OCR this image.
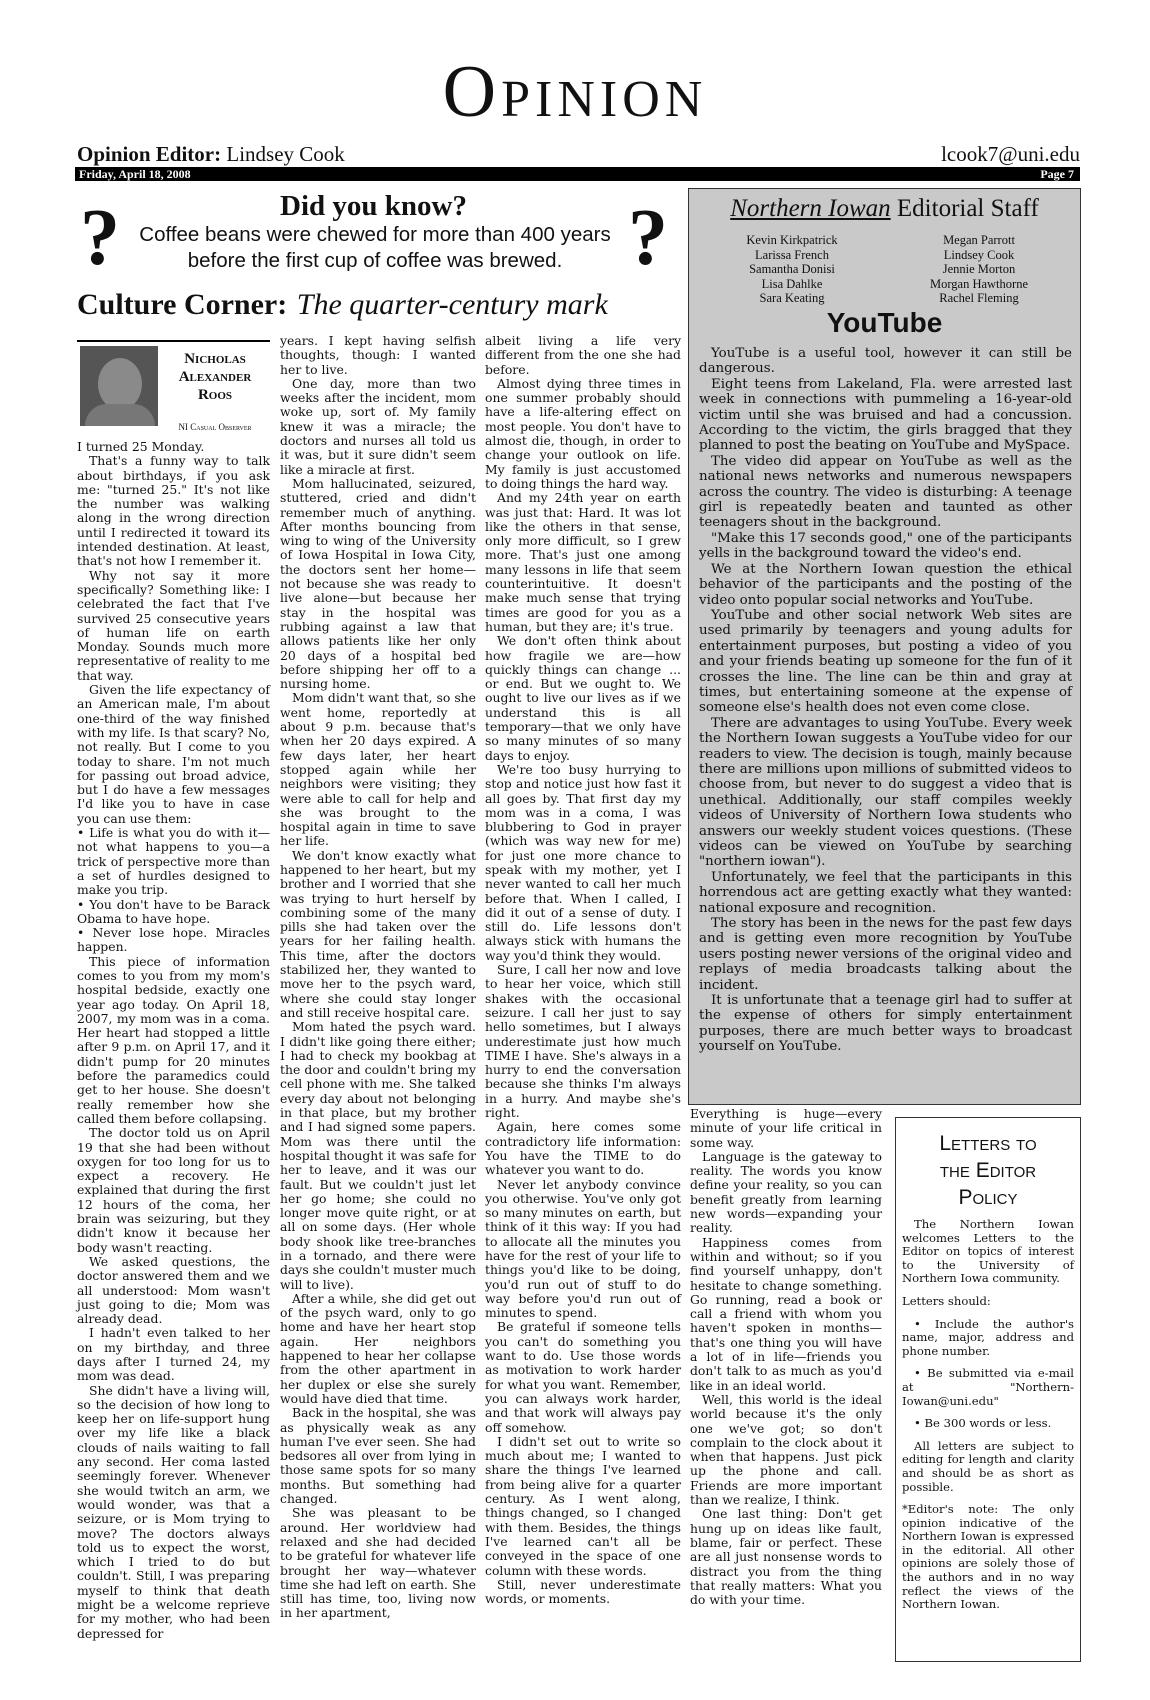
Opinion
Opinion Editor: Lindsey Cook	lcook7@uni.edu
Friday, April 18, 2008	Page 7
Did you know?
?	?
Coffee beans were chewed for more than 400 years
before the first cup of coffee was brewed.
Culture Corner: The quarter-century mark
Nicholas
Alexander
Roos
NI Casual Observer

I turned 25 Monday.

That's a funny way to talk about birthdays, if you ask me: "turned 25." It's not like the number was walking along in the wrong direction until I redirected it toward its intended destination. At least, that's not how I remember it.

Why not say it more specifically? Something like: I celebrated the fact that I've survived 25 consecutive years of human life on earth Monday. Sounds much more representative of reality to me that way.

Given the life expectancy of an American male, I'm about one-third of the way finished with my life. Is that scary? No, not really. But I come to you today to share. I'm not much for passing out broad advice, but I do have a few messages I'd like you to have in case you can use them:

• Life is what you do with it—not what happens to you—a trick of perspective more than a set of hurdles designed to make you trip.

• You don't have to be Barack Obama to have hope.

• Never lose hope. Miracles happen.

This piece of information comes to you from my mom's hospital bedside, exactly one year ago today. On April 18, 2007, my mom was in a coma. Her heart had stopped a little after 9 p.m. on April 17, and it didn't pump for 20 minutes before the paramedics could get to her house. She doesn't really remember how she called them before collapsing.

The doctor told us on April 19 that she had been without oxygen for too long for us to expect a recovery. He explained that during the first 12 hours of the coma, her brain was seizuring, but they didn't know it because her body wasn't reacting.

We asked questions, the doctor answered them and we all understood: Mom wasn't just going to die; Mom was already dead.

I hadn't even talked to her on my birthday, and three days after I turned 24, my mom was dead.

She didn't have a living will, so the decision of how long to keep her on life-support hung over my life like a black clouds of nails waiting to fall any second. Her coma lasted seemingly forever. Whenever she would twitch an arm, we would wonder, was that a seizure, or is Mom trying to move? The doctors always told us to expect the worst, which I tried to do but couldn't. Still, I was preparing myself to think that death might be a welcome reprieve for my mother, who had been depressed for

years. I kept having selfish thoughts, though: I wanted her to live.

One day, more than two weeks after the incident, mom woke up, sort of. My family knew it was a miracle; the doctors and nurses all told us it was, but it sure didn't seem like a miracle at first.

Mom hallucinated, seizured, stuttered, cried and didn't remember much of anything. After months bouncing from wing to wing of the University of Iowa Hospital in Iowa City, the doctors sent her home—not because she was ready to live alone—but because her stay in the hospital was rubbing against a law that allows patients like her only 20 days of a hospital bed before shipping her off to a nursing home.

Mom didn't want that, so she went home, reportedly at about 9 p.m. because that's when her 20 days expired. A few days later, her heart stopped again while her neighbors were visiting; they were able to call for help and she was brought to the hospital again in time to save her life.

We don't know exactly what happened to her heart, but my brother and I worried that she was trying to hurt herself by combining some of the many pills she had taken over the years for her failing health. This time, after the doctors stabilized her, they wanted to move her to the psych ward, where she could stay longer and still receive hospital care.

Mom hated the psych ward. I didn't like going there either; I had to check my bookbag at the door and couldn't bring my cell phone with me. She talked every day about not belonging in that place, but my brother and I had signed some papers. Mom was there until the hospital thought it was safe for her to leave, and it was our fault. But we couldn't just let her go home; she could no longer move quite right, or at all on some days. (Her whole body shook like tree-branches in a tornado, and there were days she couldn't muster much will to live).

After a while, she did get out of the psych ward, only to go home and have her heart stop again. Her neighbors happened to hear her collapse from the other apartment in her duplex or else she surely would have died that time.

Back in the hospital, she was as physically weak as any human I've ever seen. She had bedsores all over from lying in those same spots for so many months. But something had changed.

She was pleasant to be around. Her worldview had relaxed and she had decided to be grateful for whatever life brought her way—whatever time she had left on earth. She still has time, too, living now in her apartment,

albeit living a life very different from the one she had before.

Almost dying three times in one summer probably should have a life-altering effect on most people. You don't have to almost die, though, in order to change your outlook on life. My family is just accustomed to doing things the hard way.

And my 24th year on earth was just that: Hard. It was lot like the others in that sense, only more difficult, so I grew more. That's just one among many lessons in life that seem counterintuitive. It doesn't make much sense that trying times are good for you as a human, but they are; it's true.

We don't often think about how fragile we are—how quickly things can change ... or end. But we ought to. We ought to live our lives as if we understand this is all temporary—that we only have so many minutes of so many days to enjoy.

We're too busy hurrying to stop and notice just how fast it all goes by. That first day my mom was in a coma, I was blubbering to God in prayer (which was way new for me) for just one more chance to speak with my mother, yet I never wanted to call her much before that. When I called, I did it out of a sense of duty. I still do. Life lessons don't always stick with humans the way you'd think they would.

Sure, I call her now and love to hear her voice, which still shakes with the occasional seizure. I call her just to say hello sometimes, but I always underestimate just how much TIME I have. She's always in a hurry to end the conversation because she thinks I'm always in a hurry. And maybe she's right.

Again, here comes some contradictory life information: You have the TIME to do whatever you want to do.

Never let anybody convince you otherwise. You've only got so many minutes on earth, but think of it this way: If you had to allocate all the minutes you have for the rest of your life to things you'd like to be doing, you'd run out of stuff to do way before you'd run out of minutes to spend.

Be grateful if someone tells you can't do something you want to do. Use those words as motivation to work harder for what you want. Remember, you can always work harder, and that work will always pay off somehow.

I didn't set out to write so much about me; I wanted to share the things I've learned from being alive for a quarter century. As I went along, things changed, so I changed with them. Besides, the things I've learned can't all be conveyed in the space of one column with these words.

Still, never underestimate words, or moments.

Northern Iowan Editorial Staff
Kevin Kirkpatrick
Larissa French
Samantha Donisi
Lisa Dahlke
Sara Keating
Megan Parrott
Lindsey Cook
Jennie Morton
Morgan Hawthorne
Rachel Fleming
YouTube

YouTube is a useful tool, however it can still be dangerous.

Eight teens from Lakeland, Fla. were arrested last week in connections with pummeling a 16-year-old victim until she was bruised and had a concussion. According to the victim, the girls bragged that they planned to post the beating on YouTube and MySpace.

The video did appear on YouTube as well as the national news networks and numerous newspapers across the country. The video is disturbing: A teenage girl is repeatedly beaten and taunted as other teenagers shout in the background.

"Make this 17 seconds good," one of the participants yells in the background toward the video's end.

We at the Northern Iowan question the ethical behavior of the participants and the posting of the video onto popular social networks and YouTube.

YouTube and other social network Web sites are used primarily by teenagers and young adults for entertainment purposes, but posting a video of you and your friends beating up someone for the fun of it crosses the line. The line can be thin and gray at times, but entertaining someone at the expense of someone else's health does not even come close.

There are advantages to using YouTube. Every week the Northern Iowan suggests a YouTube video for our readers to view. The decision is tough, mainly because there are millions upon millions of submitted videos to choose from, but never to do suggest a video that is unethical. Additionally, our staff compiles weekly videos of University of Northern Iowa students who answers our weekly student voices questions. (These videos can be viewed on YouTube by searching "northern iowan").

Unfortunately, we feel that the participants in this horrendous act are getting exactly what they wanted: national exposure and recognition.

The story has been in the news for the past few days and is getting even more recognition by YouTube users posting newer versions of the original video and replays of media broadcasts talking about the incident.

It is unfortunate that a teenage girl had to suffer at the expense of others for simply entertainment purposes, there are much better ways to broadcast yourself on YouTube.

Everything is huge—every minute of your life critical in some way.

Language is the gateway to reality. The words you know define your reality, so you can benefit greatly from learning new words—expanding your reality.

Happiness comes from within and without; so if you find yourself unhappy, don't hesitate to change something. Go running, read a book or call a friend with whom you haven't spoken in months—that's one thing you will have a lot of in life—friends you don't talk to as much as you'd like in an ideal world.

Well, this world is the ideal world because it's the only one we've got; so don't complain to the clock about it when that happens. Just pick up the phone and call. Friends are more important than we realize, I think.

One last thing: Don't get hung up on ideas like fault, blame, fair or perfect. These are all just nonsense words to distract you from the thing that really matters: What you do with your time.

Letters to
the Editor
Policy

The Northern Iowan welcomes Letters to the Editor on topics of interest to the University of Northern Iowa community.

Letters should:

• Include the author's name, major, address and phone number.

• Be submitted via e-mail at "Northern-Iowan@uni.edu"

• Be 300 words or less.

All letters are subject to editing for length and clarity and should be as short as possible.

*Editor's note: The only opinion indicative of the Northern Iowan is expressed in the editorial. All other opinions are solely those of the authors and in no way reflect the views of the Northern Iowan.
